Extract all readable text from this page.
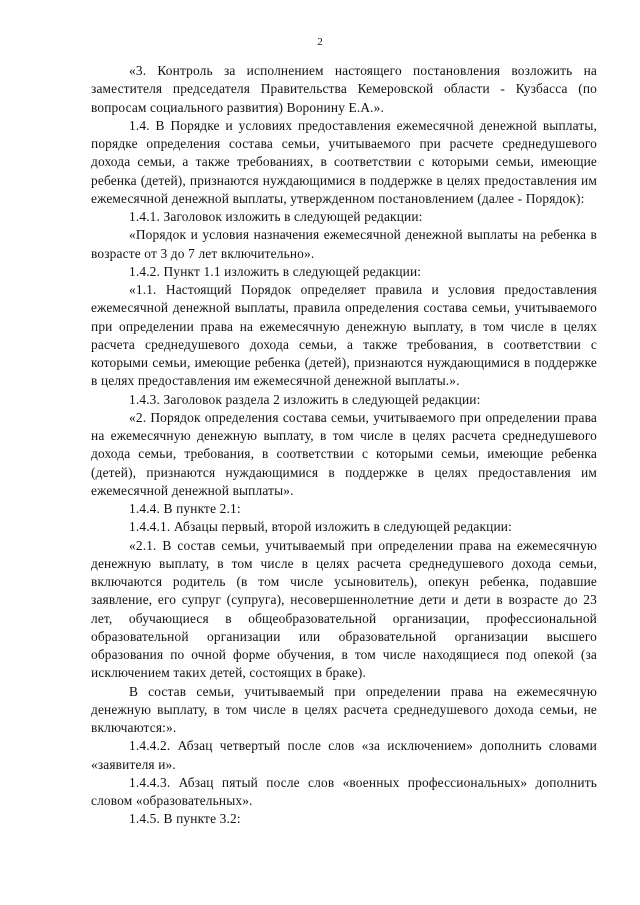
2

«3. Контроль за исполнением настоящего постановления возложить на заместителя председателя Правительства Кемеровской области - Кузбасса (по вопросам социального развития) Воронину Е.А.».

1.4. В Порядке и условиях предоставления ежемесячной денежной выплаты, порядке определения состава семьи, учитываемого при расчете среднедушевого дохода семьи, а также требованиях, в соответствии с которыми семьи, имеющие ребенка (детей), признаются нуждающимися в поддержке в целях предоставления им ежемесячной денежной выплаты, утвержденном постановлением (далее - Порядок):

1.4.1. Заголовок изложить в следующей редакции:

«Порядок и условия назначения ежемесячной денежной выплаты на ребенка в возрасте от 3 до 7 лет включительно».

1.4.2. Пункт 1.1 изложить в следующей редакции:

«1.1. Настоящий Порядок определяет правила и условия предоставления ежемесячной денежной выплаты, правила определения состава семьи, учитываемого при определении права на ежемесячную денежную выплату, в том числе в целях расчета среднедушевого дохода семьи, а также требования, в соответствии с которыми семьи, имеющие ребенка (детей), признаются нуждающимися в поддержке в целях предоставления им ежемесячной денежной выплаты.».

1.4.3. Заголовок раздела 2 изложить в следующей редакции:

«2. Порядок определения состава семьи, учитываемого при определении права на ежемесячную денежную выплату, в том числе в целях расчета среднедушевого дохода семьи, требования, в соответствии с которыми семьи, имеющие ребенка (детей), признаются нуждающимися в поддержке в целях предоставления им ежемесячной денежной выплаты».

1.4.4. В пункте 2.1:

1.4.4.1. Абзацы первый, второй изложить в следующей редакции:

«2.1. В состав семьи, учитываемый при определении права на ежемесячную денежную выплату, в том числе в целях расчета среднедушевого дохода семьи, включаются родитель (в том числе усыновитель), опекун ребенка, подавшие заявление, его супруг (супруга), несовершеннолетние дети и дети в возрасте до 23 лет, обучающиеся в общеобразовательной организации, профессиональной образовательной организации или образовательной организации высшего образования по очной форме обучения, в том числе находящиеся под опекой (за исключением таких детей, состоящих в браке).

В состав семьи, учитываемый при определении права на ежемесячную денежную выплату, в том числе в целях расчета среднедушевого дохода семьи, не включаются:».

1.4.4.2. Абзац четвертый после слов «за исключением» дополнить словами «заявителя и».

1.4.4.3. Абзац пятый после слов «военных профессиональных» дополнить словом «образовательных».

1.4.5. В пункте 3.2:
